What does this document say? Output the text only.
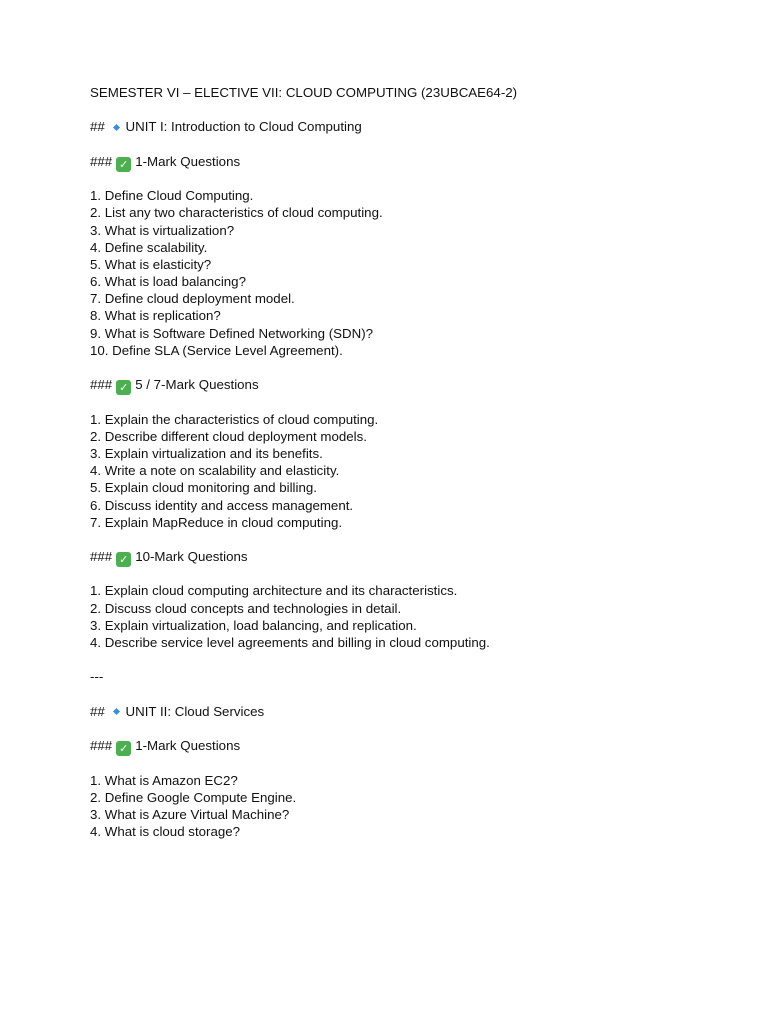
SEMESTER VI – ELECTIVE VII: CLOUD COMPUTING (23UBCAE64-2)
## UNIT I: Introduction to Cloud Computing
### ✓ 1-Mark Questions
1. Define Cloud Computing.
2. List any two characteristics of cloud computing.
3. What is virtualization?
4. Define scalability.
5. What is elasticity?
6. What is load balancing?
7. Define cloud deployment model.
8. What is replication?
9. What is Software Defined Networking (SDN)?
10. Define SLA (Service Level Agreement).
### ✓ 5 / 7-Mark Questions
1. Explain the characteristics of cloud computing.
2. Describe different cloud deployment models.
3. Explain virtualization and its benefits.
4. Write a note on scalability and elasticity.
5. Explain cloud monitoring and billing.
6. Discuss identity and access management.
7. Explain MapReduce in cloud computing.
### ✓ 10-Mark Questions
1. Explain cloud computing architecture and its characteristics.
2. Discuss cloud concepts and technologies in detail.
3. Explain virtualization, load balancing, and replication.
4. Describe service level agreements and billing in cloud computing.
---
## UNIT II: Cloud Services
### ✓ 1-Mark Questions
1. What is Amazon EC2?
2. Define Google Compute Engine.
3. What is Azure Virtual Machine?
4. What is cloud storage?
